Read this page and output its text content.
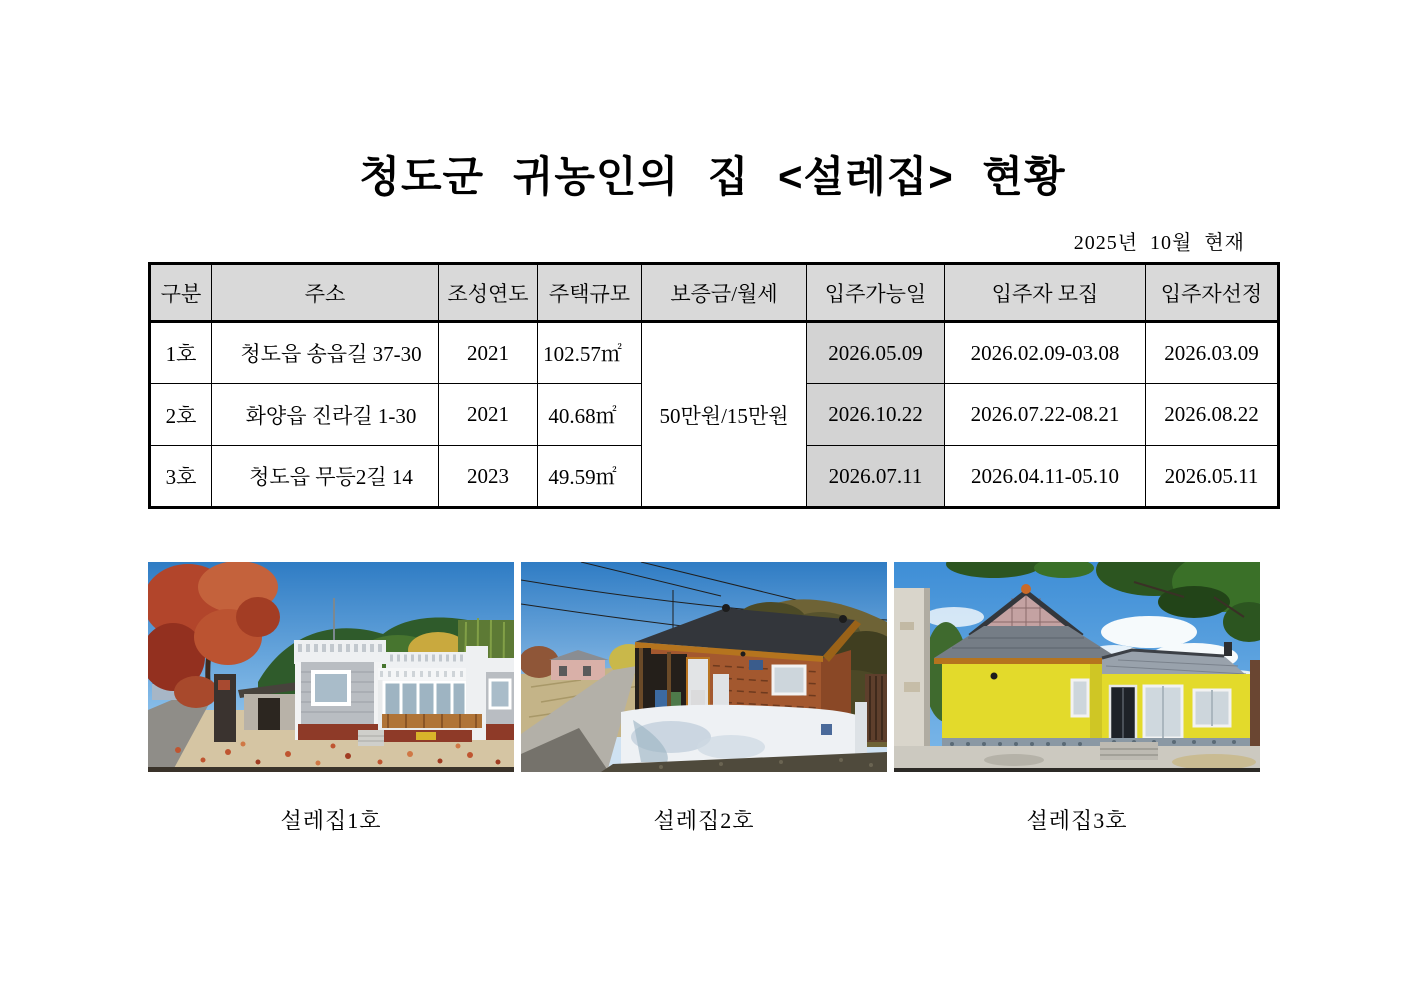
청도군 귀농인의 집 <설레집> 현황
2025년 10월 현재
구분	주소	조성연도	주택규모	보증금/월세	입주가능일	입주자 모집	입주자선정
1호	청도읍 송읍길 37-30	2021	102.57㎡	50만원/15만원	2026.05.09	2026.02.09-03.08	2026.03.09
2호	화양읍 진라길 1-30	2021	40.68㎡		2026.10.22	2026.07.22-08.21	2026.08.22
3호	청도읍 무등2길 14	2023	49.59㎡		2026.07.11	2026.04.11-05.10	2026.05.11
설레집1호	설레집2호	설레집3호
